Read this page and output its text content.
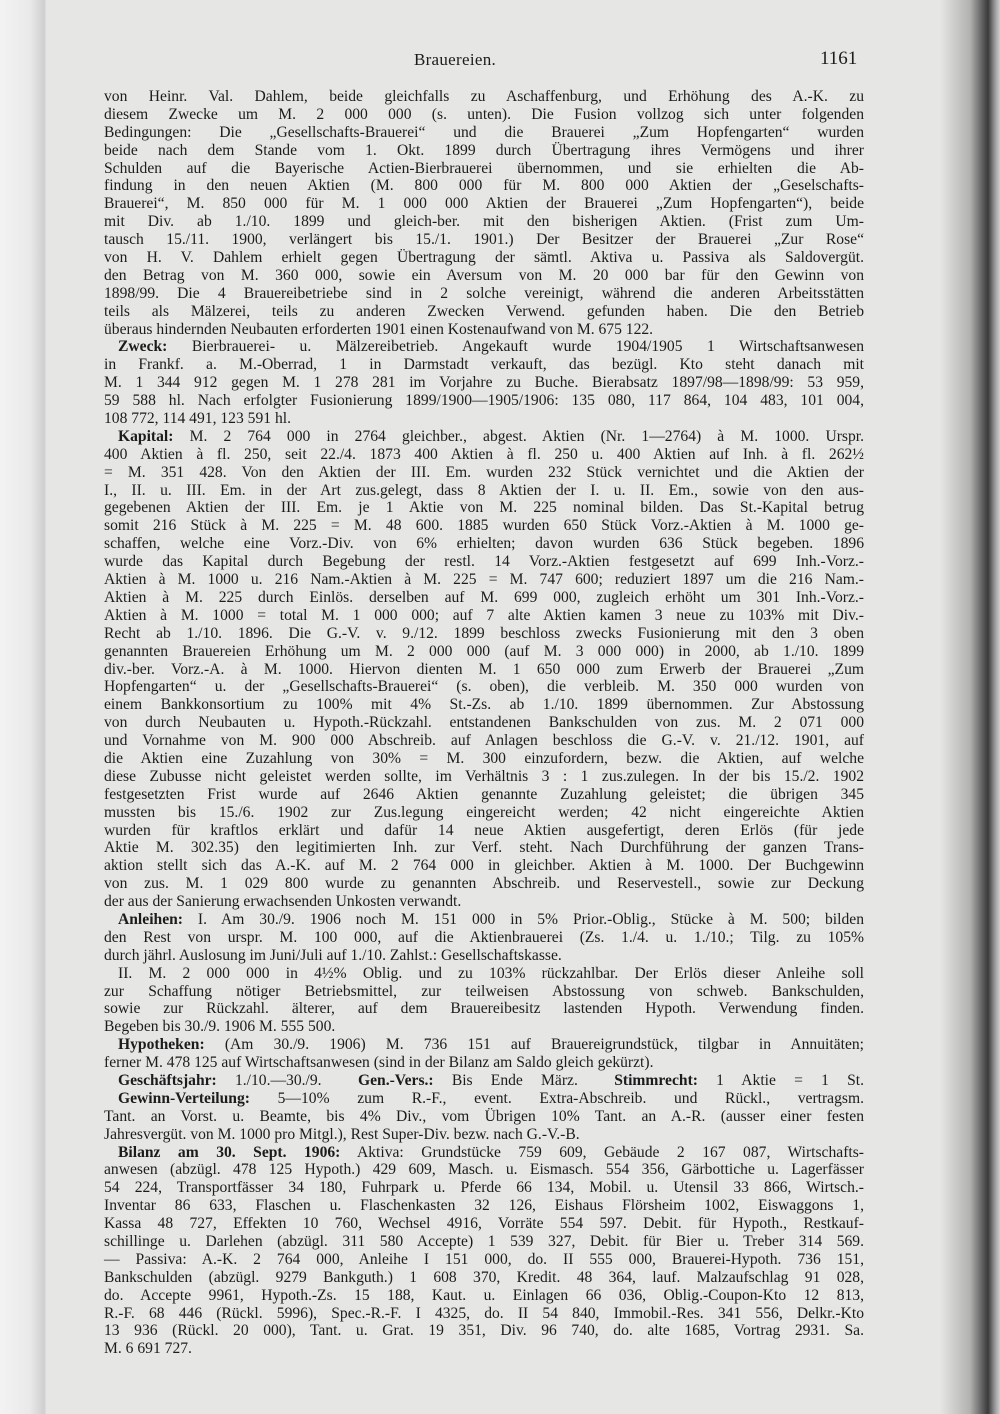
Brauereien.	1161
von Heinr. Val. Dahlem, beide gleichfalls zu Aschaffenburg, und Erhöhung des A.-K. zu
diesem Zwecke um M. 2 000 000 (s. unten). Die Fusion vollzog sich unter folgenden
Bedingungen: Die „Gesellschafts-Brauerei“ und die Brauerei „Zum Hopfengarten“ wurden
beide nach dem Stande vom 1. Okt. 1899 durch Übertragung ihres Vermögens und ihrer
Schulden auf die Bayerische Actien-Bierbrauerei übernommen, und sie erhielten die Ab-
findung in den neuen Aktien (M. 800 000 für M. 800 000 Aktien der „Geselschafts-
Brauerei“, M. 850 000 für M. 1 000 000 Aktien der Brauerei „Zum Hopfengarten“), beide
mit Div. ab 1./10. 1899 und gleich-ber. mit den bisherigen Aktien. (Frist zum Um-
tausch 15./11. 1900, verlängert bis 15./1. 1901.) Der Besitzer der Brauerei „Zur Rose“
von H. V. Dahlem erhielt gegen Übertragung der sämtl. Aktiva u. Passiva als Saldovergüt.
den Betrag von M. 360 000, sowie ein Aversum von M. 20 000 bar für den Gewinn von
1898/99. Die 4 Brauereibetriebe sind in 2 solche vereinigt, während die anderen Arbeitsstätten
teils als Mälzerei, teils zu anderen Zwecken Verwend. gefunden haben. Die den Betrieb
überaus hindernden Neubauten erforderten 1901 einen Kostenaufwand von M. 675 122.
Zweck: Bierbrauerei- u. Mälzereibetrieb. Angekauft wurde 1904/1905 1 Wirtschaftsanwesen
in Frankf. a. M.-Oberrad, 1 in Darmstadt verkauft, das bezügl. Kto steht danach mit
M. 1 344 912 gegen M. 1 278 281 im Vorjahre zu Buche. Bierabsatz 1897/98—1898/99: 53 959,
59 588 hl. Nach erfolgter Fusionierung 1899/1900—1905/1906: 135 080, 117 864, 104 483, 101 004,
108 772, 114 491, 123 591 hl.
Kapital: M. 2 764 000 in 2764 gleichber., abgest. Aktien (Nr. 1—2764) à M. 1000. Urspr.
400 Aktien à fl. 250, seit 22./4. 1873 400 Aktien à fl. 250 u. 400 Aktien auf Inh. à fl. 262½
= M. 351 428. Von den Aktien der III. Em. wurden 232 Stück vernichtet und die Aktien der
I., II. u. III. Em. in der Art zus.gelegt, dass 8 Aktien der I. u. II. Em., sowie von den aus-
gegebenen Aktien der III. Em. je 1 Aktie von M. 225 nominal bilden. Das St.-Kapital betrug
somit 216 Stück à M. 225 = M. 48 600. 1885 wurden 650 Stück Vorz.-Aktien à M. 1000 ge-
schaffen, welche eine Vorz.-Div. von 6% erhielten; davon wurden 636 Stück begeben. 1896
wurde das Kapital durch Begebung der restl. 14 Vorz.-Aktien festgesetzt auf 699 Inh.-Vorz.-
Aktien à M. 1000 u. 216 Nam.-Aktien à M. 225 = M. 747 600; reduziert 1897 um die 216 Nam.-
Aktien à M. 225 durch Einlös. derselben auf M. 699 000, zugleich erhöht um 301 Inh.-Vorz.-
Aktien à M. 1000 = total M. 1 000 000; auf 7 alte Aktien kamen 3 neue zu 103% mit Div.-
Recht ab 1./10. 1896. Die G.-V. v. 9./12. 1899 beschloss zwecks Fusionierung mit den 3 oben
genannten Brauereien Erhöhung um M. 2 000 000 (auf M. 3 000 000) in 2000, ab 1./10. 1899
div.-ber. Vorz.-A. à M. 1000. Hiervon dienten M. 1 650 000 zum Erwerb der Brauerei „Zum
Hopfengarten“ u. der „Gesellschafts-Brauerei“ (s. oben), die verbleib. M. 350 000 wurden von
einem Bankkonsortium zu 100% mit 4% St.-Zs. ab 1./10. 1899 übernommen. Zur Abstossung
von durch Neubauten u. Hypoth.-Rückzahl. entstandenen Bankschulden von zus. M. 2 071 000
und Vornahme von M. 900 000 Abschreib. auf Anlagen beschloss die G.-V. v. 21./12. 1901, auf
die Aktien eine Zuzahlung von 30% = M. 300 einzufordern, bezw. die Aktien, auf welche
diese Zubusse nicht geleistet werden sollte, im Verhältnis 3 : 1 zus.zulegen. In der bis 15./2. 1902
festgesetzten Frist wurde auf 2646 Aktien genannte Zuzahlung geleistet; die übrigen 345
mussten bis 15./6. 1902 zur Zus.legung eingereicht werden; 42 nicht eingereichte Aktien
wurden für kraftlos erklärt und dafür 14 neue Aktien ausgefertigt, deren Erlös (für jede
Aktie M. 302.35) den legitimierten Inh. zur Verf. steht. Nach Durchführung der ganzen Trans-
aktion stellt sich das A.-K. auf M. 2 764 000 in gleichber. Aktien à M. 1000. Der Buchgewinn
von zus. M. 1 029 800 wurde zu genannten Abschreib. und Reservestell., sowie zur Deckung
der aus der Sanierung erwachsenden Unkosten verwandt.
Anleihen: I. Am 30./9. 1906 noch M. 151 000 in 5% Prior.-Oblig., Stücke à M. 500; bilden
den Rest von urspr. M. 100 000, auf die Aktienbrauerei (Zs. 1./4. u. 1./10.; Tilg. zu 105%
durch jährl. Auslosung im Juni/Juli auf 1./10. Zahlst.: Gesellschaftskasse.
II. M. 2 000 000 in 4½% Oblig. und zu 103% rückzahlbar. Der Erlös dieser Anleihe soll
zur Schaffung nötiger Betriebsmittel, zur teilweisen Abstossung von schweb. Bankschulden,
sowie zur Rückzahl. älterer, auf dem Brauereibesitz lastenden Hypoth. Verwendung finden.
Begeben bis 30./9. 1906 M. 555 500.
Hypotheken: (Am 30./9. 1906) M. 736 151 auf Brauereigrundstück, tilgbar in Annuitäten;
ferner M. 478 125 auf Wirtschaftsanwesen (sind in der Bilanz am Saldo gleich gekürzt).
Geschäftsjahr: 1./10.—30./9.  Gen.-Vers.: Bis Ende März.  Stimmrecht: 1 Aktie = 1 St.
Gewinn-Verteilung: 5—10% zum R.-F., event. Extra-Abschreib. und Rückl., vertragsm.
Tant. an Vorst. u. Beamte, bis 4% Div., vom Übrigen 10% Tant. an A.-R. (ausser einer festen
Jahresvergüt. von M. 1000 pro Mitgl.), Rest Super-Div. bezw. nach G.-V.-B.
Bilanz am 30. Sept. 1906: Aktiva: Grundstücke 759 609, Gebäude 2 167 087, Wirtschafts-
anwesen (abzügl. 478 125 Hypoth.) 429 609, Masch. u. Eismasch. 554 356, Gärbottiche u. Lagerfässer
54 224, Transportfässer 34 180, Fuhrpark u. Pferde 66 134, Mobil. u. Utensil 33 866, Wirtsch.-
Inventar 86 633, Flaschen u. Flaschenkasten 32 126, Eishaus Flörsheim 1002, Eiswaggons 1,
Kassa 48 727, Effekten 10 760, Wechsel 4916, Vorräte 554 597. Debit. für Hypoth., Restkauf-
schillinge u. Darlehen (abzügl. 311 580 Accepte) 1 539 327, Debit. für Bier u. Treber 314 569.
— Passiva: A.-K. 2 764 000, Anleihe I 151 000, do. II 555 000, Brauerei-Hypoth. 736 151,
Bankschulden (abzügl. 9279 Bankguth.) 1 608 370, Kredit. 48 364, lauf. Malzaufschlag 91 028,
do. Accepte 9961, Hypoth.-Zs. 15 188, Kaut. u. Einlagen 66 036, Oblig.-Coupon-Kto 12 813,
R.-F. 68 446 (Rückl. 5996), Spec.-R.-F. I 4325, do. II 54 840, Immobil.-Res. 341 556, Delkr.-Kto
13 936 (Rückl. 20 000), Tant. u. Grat. 19 351, Div. 96 740, do. alte 1685, Vortrag 2931. Sa.
M. 6 691 727.
